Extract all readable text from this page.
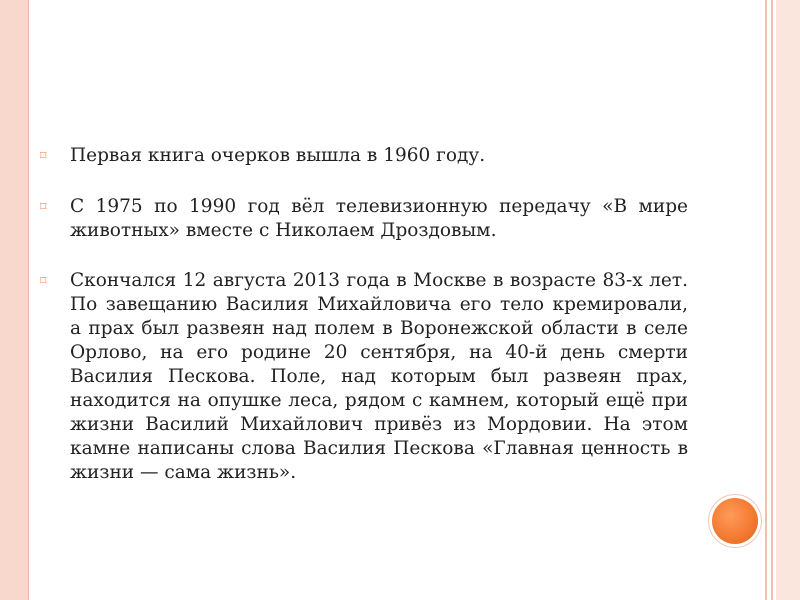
⌑	Первая книга очерков вышла в 1960 году.
⌑	С 1975 по 1990 год вёл телевизионную передачу «В мире животных» вместе с Николаем Дроздовым.
⌑	Скончался 12 августа 2013 года в Москве в возрасте 83-х лет. По завещанию Василия Михайловича его тело кремировали, а прах был развеян над полем в Воронежской области в селе Орлово, на его родине 20 сентября, на 40-й день смерти Василия Пескова. Поле, над которым был развеян прах, находится на опушке леса, рядом с камнем, который ещё при жизни Василий Михайлович привёз из Мордовии. На этом камне написаны слова Василия Пескова «Главная ценность в жизни — сама жизнь».
